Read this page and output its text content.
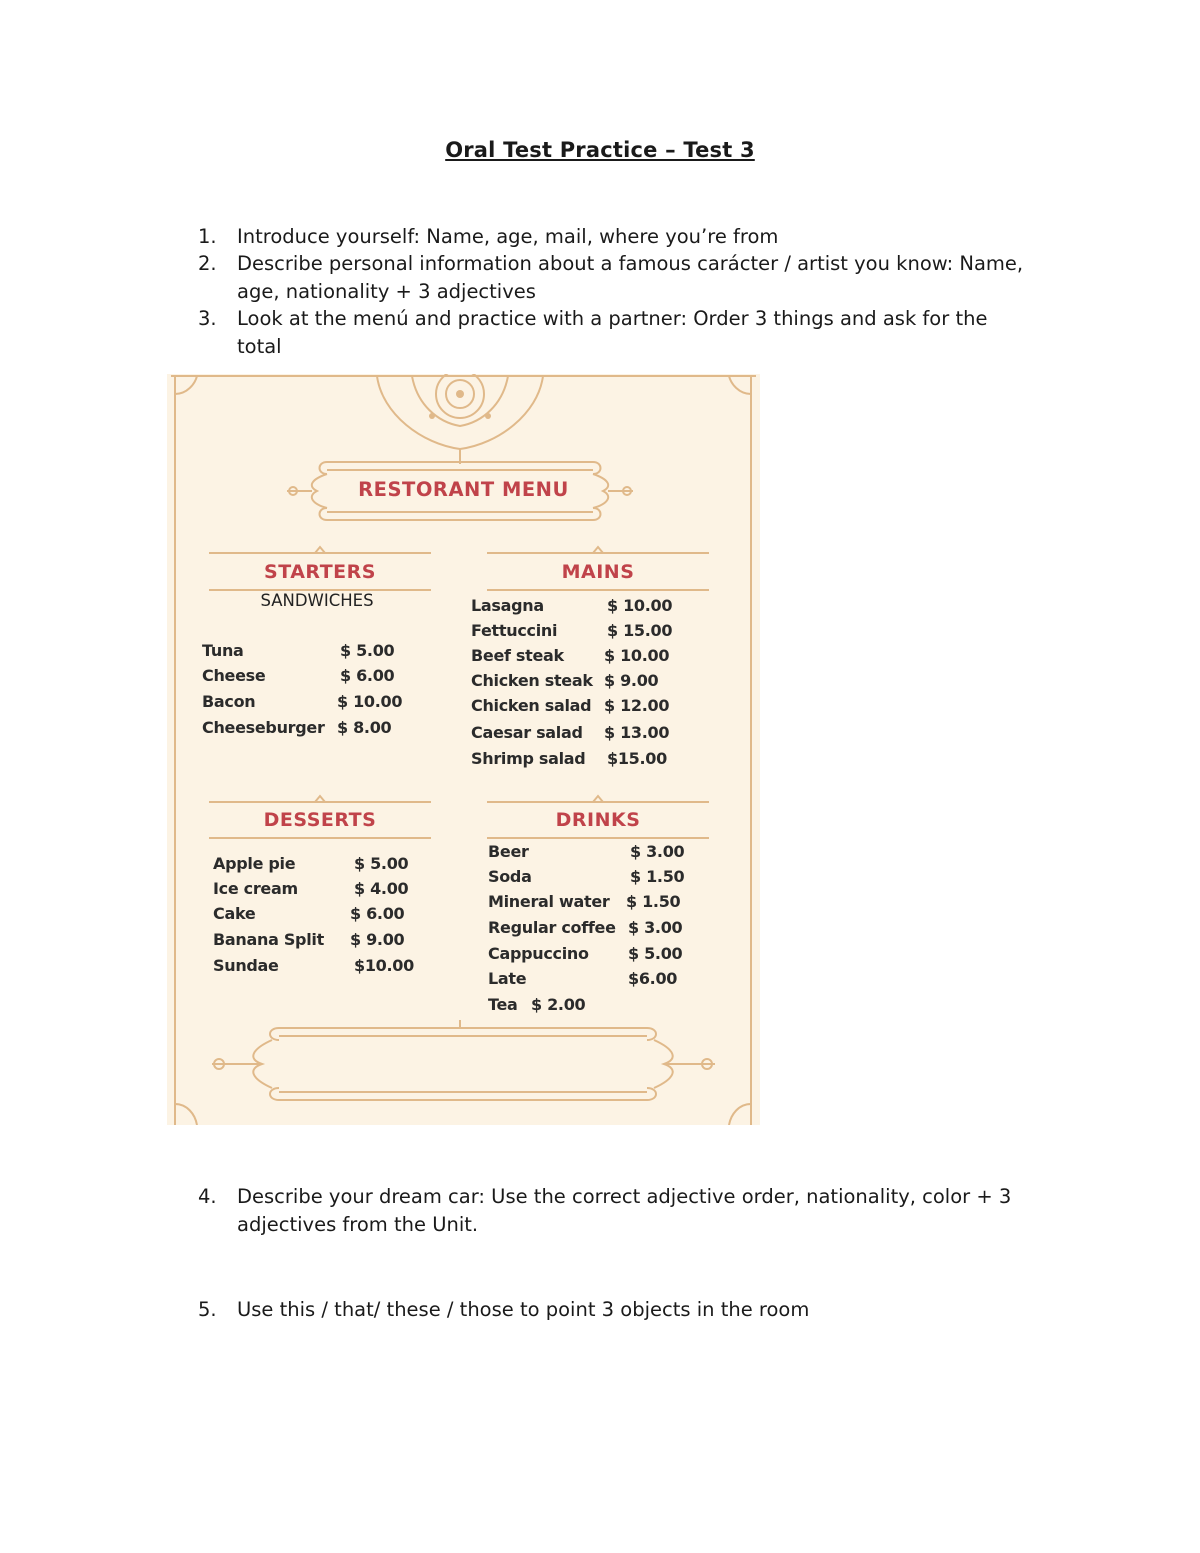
Oral Test Practice – Test 3
1.	Introduce yourself: Name, age, mail, where you’re from
2.	Describe personal information about a famous carácter / artist you know: Name, age, nationality + 3 adjectives
3.	Look at the menú and practice with a partner: Order 3 things and ask for the total
RESTORANT MENU
STARTERS
SANDWICHES
Tuna	$ 5.00
Cheese	$ 6.00
Bacon	$ 10.00
Cheeseburger $ 8.00
MAINS
Lasagna	$ 10.00
Fettuccini	$ 15.00
Beef steak	$ 10.00
Chicken steak $ 9.00
Chicken salad $ 12.00
Caesar salad $ 13.00
Shrimp salad $15.00
DESSERTS
Apple pie	$ 5.00
Ice cream	$ 4.00
Cake	$ 6.00
Banana Split $ 9.00
Sundae	$10.00
DRINKS
Beer	$ 3.00
Soda	$ 1.50
Mineral water $ 1.50
Regular coffee $ 3.00
Cappuccino $ 5.00
Late	$6.00
Tea $ 2.00
4.	Describe your dream car: Use the correct adjective order, nationality, color + 3 adjectives from the Unit.
5.	Use this / that/ these / those to point 3 objects in the room
